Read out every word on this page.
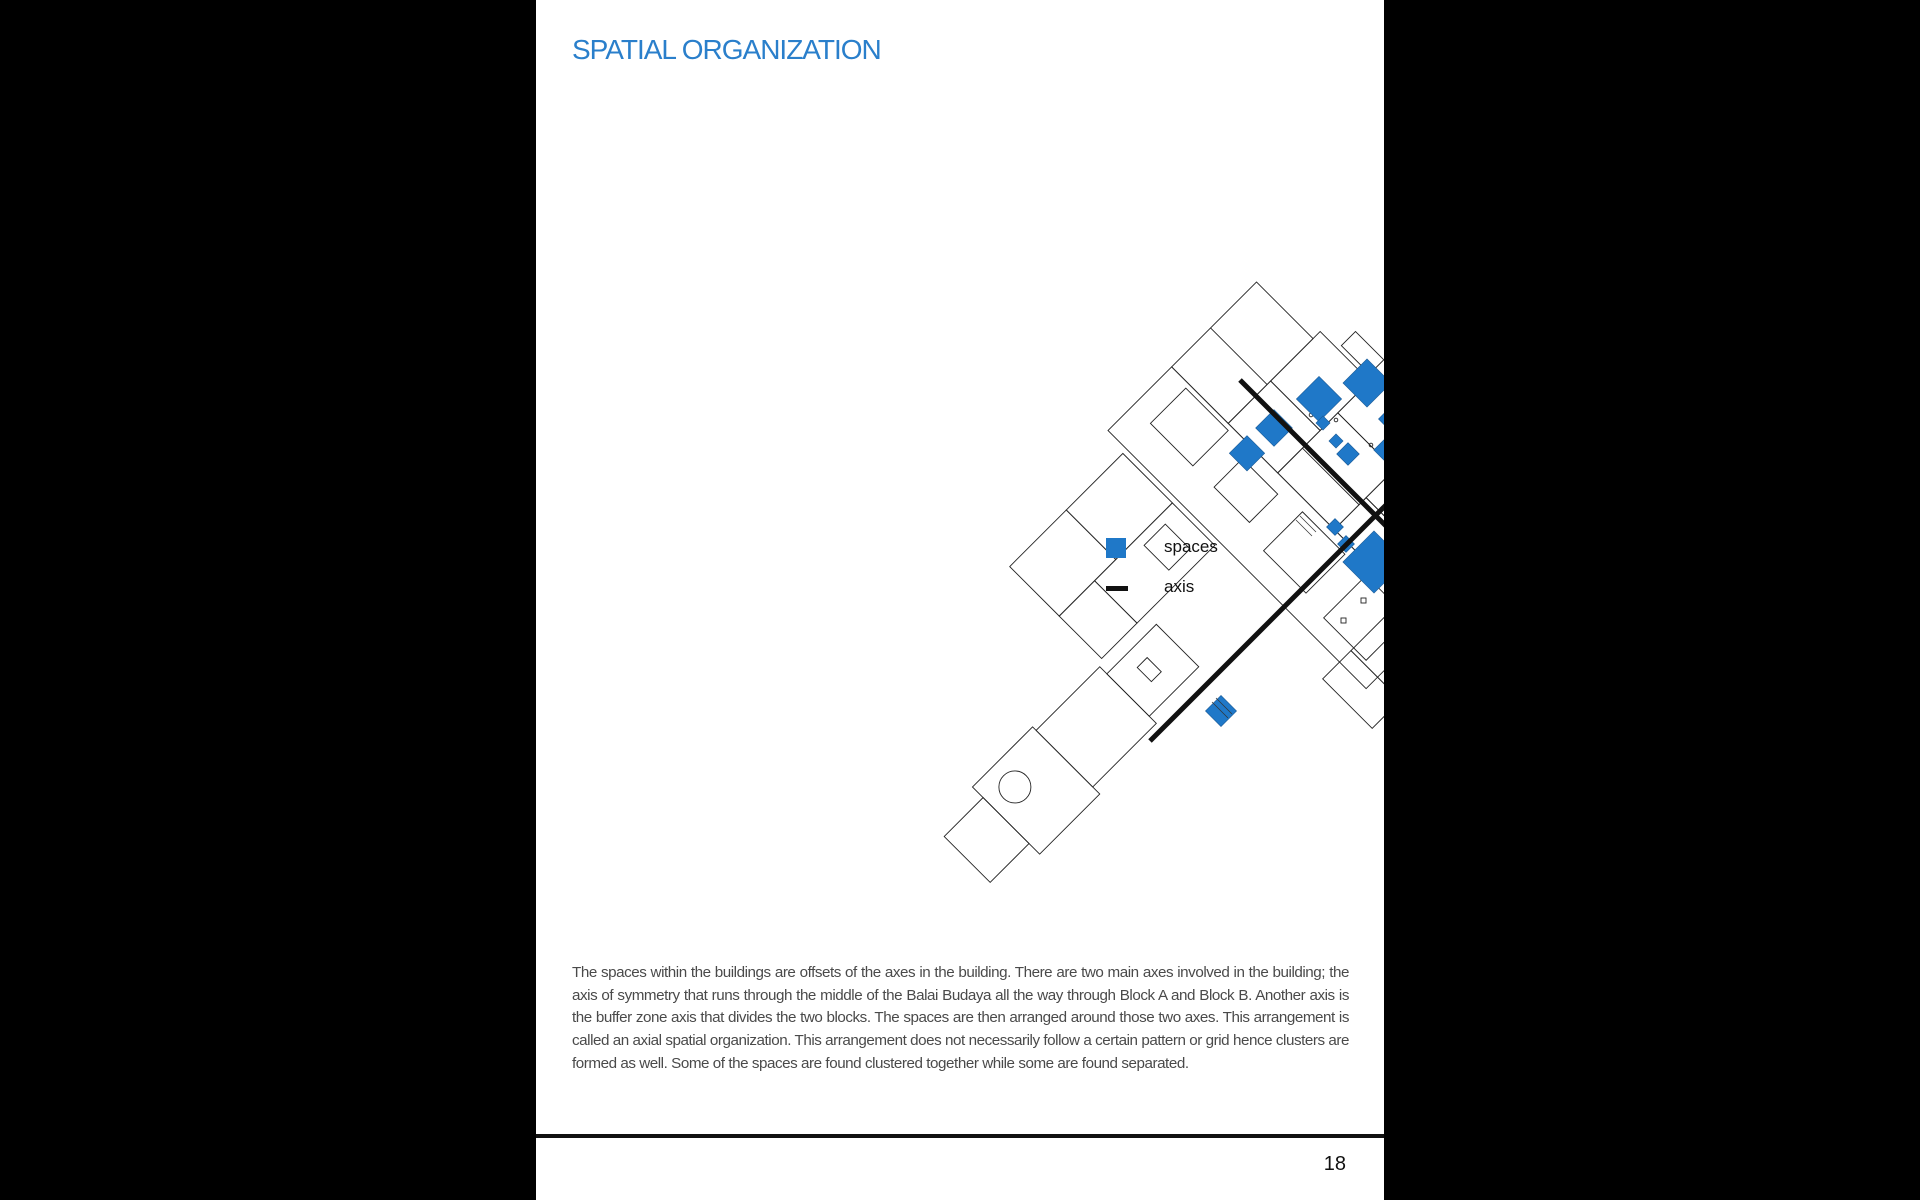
SPATIAL ORGANIZATION
spaces
axis

The spaces within the buildings are offsets of the axes in the building. There are two main axes involved in the building; the axis of symmetry that runs through the middle of the Balai Budaya all the way through Block A and Block B. Another axis is the buffer zone axis that divides the two blocks. The spaces are then arranged around those two axes. This arrangement is called an axial spatial organization. This arrangement does not necessarily follow a certain pattern or grid hence clusters are formed as well. Some of the spaces are found clustered together while some are found separated.

18
